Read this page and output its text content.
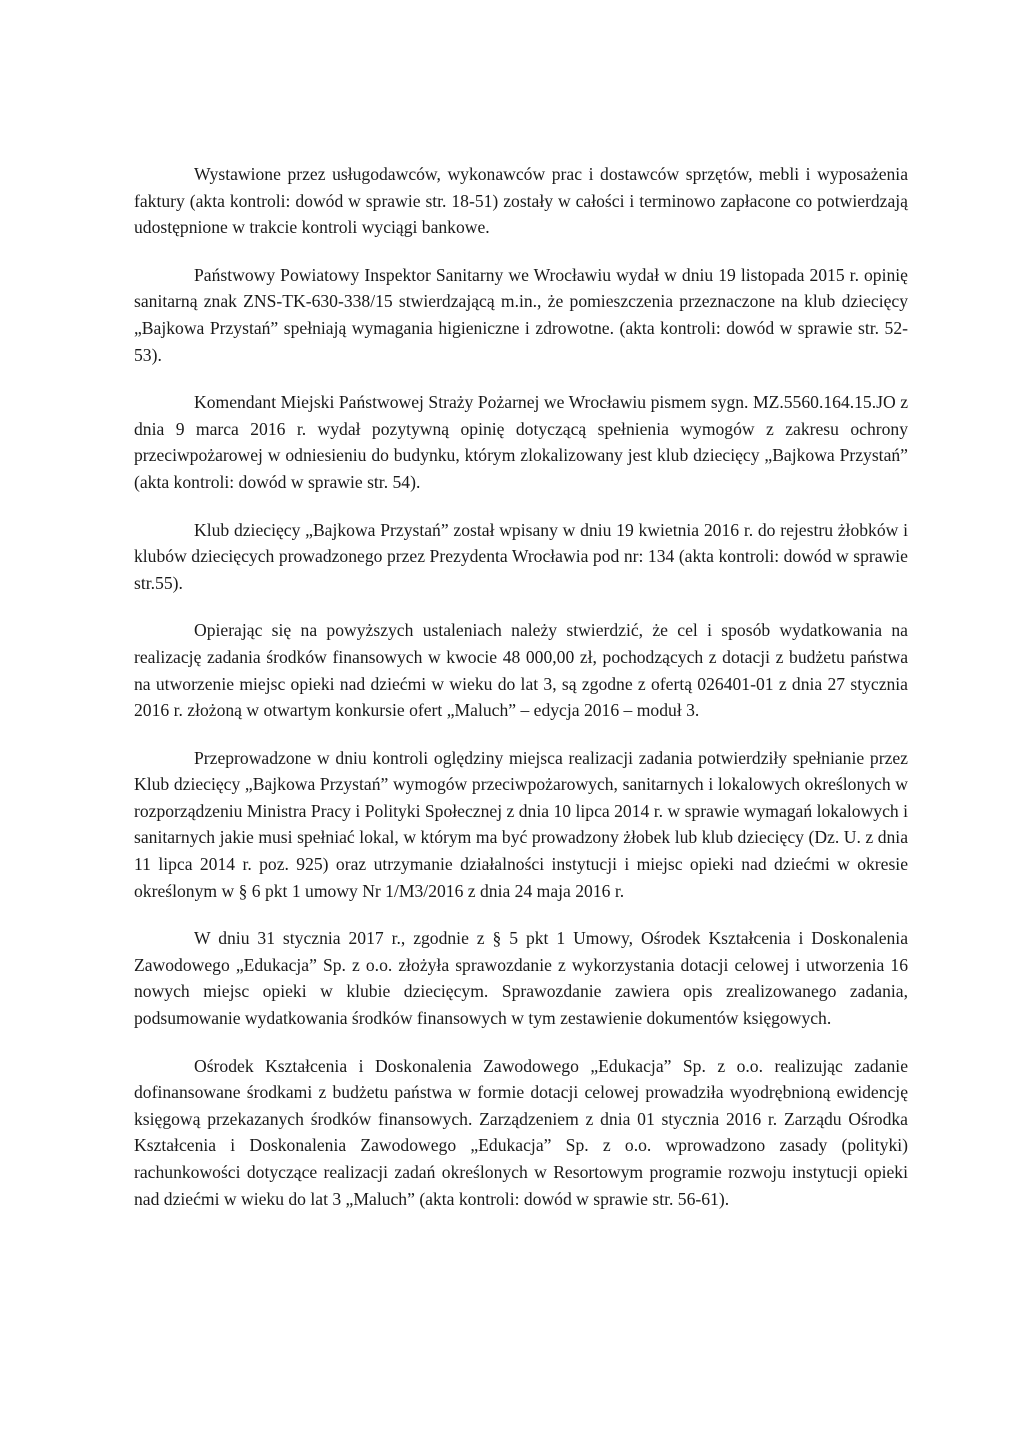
Wystawione przez usługodawców, wykonawców prac i dostawców sprzętów, mebli i wyposażenia faktury (akta kontroli: dowód w sprawie str. 18-51) zostały w całości i terminowo zapłacone co potwierdzają udostępnione w trakcie kontroli wyciągi bankowe.

Państwowy Powiatowy Inspektor Sanitarny we Wrocławiu wydał w dniu 19 listopada 2015 r. opinię sanitarną znak ZNS-TK-630-338/15 stwierdzającą m.in., że pomieszczenia przeznaczone na klub dziecięcy „Bajkowa Przystań” spełniają wymagania higieniczne i zdrowotne. (akta kontroli: dowód w sprawie str. 52-53).

Komendant Miejski Państwowej Straży Pożarnej we Wrocławiu pismem sygn. MZ.5560.164.15.JO z dnia 9 marca 2016 r. wydał pozytywną opinię dotyczącą spełnienia wymogów z zakresu ochrony przeciwpożarowej w odniesieniu do budynku, którym zlokalizowany jest klub dziecięcy „Bajkowa Przystań” (akta kontroli: dowód w sprawie str. 54).

Klub dziecięcy „Bajkowa Przystań” został wpisany w dniu 19 kwietnia 2016 r. do rejestru żłobków i klubów dziecięcych prowadzonego przez Prezydenta Wrocławia pod nr: 134 (akta kontroli: dowód w sprawie str.55).

Opierając się na powyższych ustaleniach należy stwierdzić, że cel i sposób wydatkowania na realizację zadania środków finansowych w kwocie 48 000,00 zł, pochodzących z dotacji z budżetu państwa na utworzenie miejsc opieki nad dziećmi w wieku do lat 3, są zgodne z ofertą 026401-01 z dnia 27 stycznia 2016 r. złożoną w otwartym konkursie ofert „Maluch” – edycja 2016 – moduł 3.

Przeprowadzone w dniu kontroli oględziny miejsca realizacji zadania potwierdziły spełnianie przez Klub dziecięcy „Bajkowa Przystań” wymogów przeciwpożarowych, sanitarnych i lokalowych określonych w rozporządzeniu Ministra Pracy i Polityki Społecznej z dnia 10 lipca 2014 r. w sprawie wymagań lokalowych i sanitarnych jakie musi spełniać lokal, w którym ma być prowadzony żłobek lub klub dziecięcy (Dz. U. z dnia 11 lipca 2014 r. poz. 925) oraz utrzymanie działalności instytucji i miejsc opieki nad dziećmi w okresie określonym w § 6 pkt 1 umowy Nr 1/M3/2016 z dnia 24 maja 2016 r.

W dniu 31 stycznia 2017 r., zgodnie z § 5 pkt 1 Umowy, Ośrodek Kształcenia i Doskonalenia Zawodowego „Edukacja” Sp. z o.o. złożyła sprawozdanie z wykorzystania dotacji celowej i utworzenia 16 nowych miejsc opieki w klubie dziecięcym. Sprawozdanie zawiera opis zrealizowanego zadania, podsumowanie wydatkowania środków finansowych w tym zestawienie dokumentów księgowych.

Ośrodek Kształcenia i Doskonalenia Zawodowego „Edukacja” Sp. z o.o. realizując zadanie dofinansowane środkami z budżetu państwa w formie dotacji celowej prowadziła wyodrębnioną ewidencję księgową przekazanych środków finansowych. Zarządzeniem z dnia 01 stycznia 2016 r. Zarządu Ośrodka Kształcenia i Doskonalenia Zawodowego „Edukacja” Sp. z o.o. wprowadzono zasady (polityki) rachunkowości dotyczące realizacji zadań określonych w Resortowym programie rozwoju instytucji opieki nad dziećmi w wieku do lat 3 „Maluch” (akta kontroli: dowód w sprawie str. 56-61).
